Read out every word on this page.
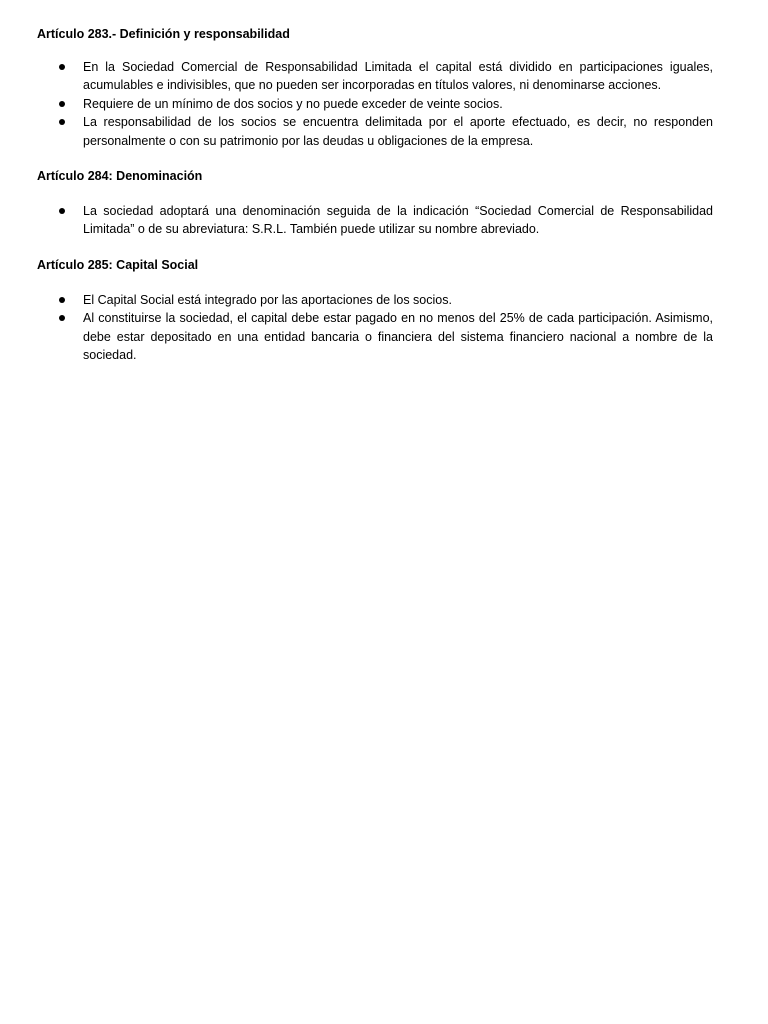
Artículo 283.- Definición y responsabilidad

En la Sociedad Comercial de Responsabilidad Limitada el capital está dividido en participaciones iguales, acumulables e indivisibles, que no pueden ser incorporadas en títulos valores, ni denominarse acciones.
Requiere de un mínimo de dos socios y no puede exceder de veinte socios.
La responsabilidad de los socios se encuentra delimitada por el aporte efectuado, es decir, no responden personalmente o con su patrimonio por las deudas u obligaciones de la empresa.

Artículo 284: Denominación

La sociedad adoptará una denominación seguida de la indicación “Sociedad Comercial de Responsabilidad Limitada” o de su abreviatura: S.R.L. También puede utilizar su nombre abreviado.

Artículo 285: Capital Social

El Capital Social está integrado por las aportaciones de los socios.
Al constituirse la sociedad, el capital debe estar pagado en no menos del 25% de cada participación. Asimismo, debe estar depositado en una entidad bancaria o financiera del sistema financiero nacional a nombre de la sociedad.
